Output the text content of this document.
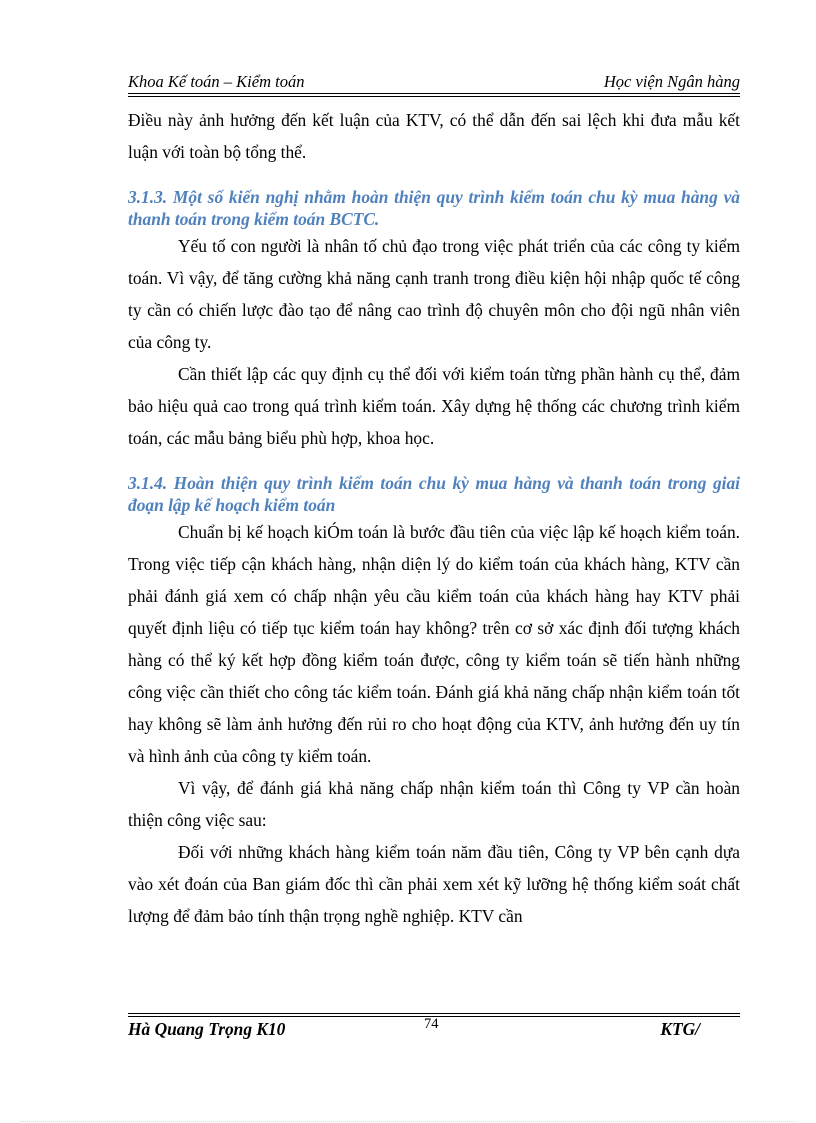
Khoa Kế toán – Kiểm toán	Học viện Ngân hàng

Điều này ảnh hưởng đến kết luận của KTV, có thể dẫn đến sai lệch khi đưa mẫu kết luận với toàn bộ tổng thể.

3.1.3. Một số kiến nghị nhằm hoàn thiện quy trình kiểm toán chu kỳ mua hàng và thanh toán trong kiểm toán BCTC.

Yếu tố con người là nhân tố chủ đạo trong việc phát triển của các công ty kiểm toán. Vì vậy, để tăng cường khả năng cạnh tranh trong điều kiện hội nhập quốc tế công ty cần có chiến lược đào tạo để nâng cao trình độ chuyên môn cho đội ngũ nhân viên của công ty.

Cần thiết lập các quy định cụ thể đối với kiểm toán từng phần hành cụ thể, đảm bảo hiệu quả cao trong quá trình kiểm toán. Xây dựng hệ thống các chương trình kiểm toán, các mẫu bảng biểu phù hợp, khoa học.

3.1.4. Hoàn thiện quy trình kiểm toán chu kỳ mua hàng và thanh toán trong giai đoạn lập kế hoạch kiểm toán

Chuẩn bị kế hoạch kiÓm toán là bước đầu tiên của việc lập kế hoạch kiểm toán. Trong việc tiếp cận khách hàng, nhận diện lý do kiểm toán của khách hàng, KTV cần phải đánh giá xem có chấp nhận yêu cầu kiểm toán của khách hàng hay KTV phải quyết định liệu có tiếp tục kiểm toán hay không? trên cơ sở xác định đối tượng khách hàng có thể ký kết hợp đồng kiểm toán được, công ty kiểm toán sẽ tiến hành những công việc cần thiết cho công tác kiểm toán. Đánh giá khả năng chấp nhận kiểm toán tốt hay không sẽ làm ảnh hưởng đến rủi ro cho hoạt động của KTV, ảnh hưởng đến uy tín và hình ảnh của công ty kiểm toán.

Vì vậy, để đánh giá khả năng chấp nhận kiểm toán thì Công ty VP cần hoàn thiện công việc sau:

Đối với những khách hàng kiểm toán năm đầu tiên, Công ty VP bên cạnh dựa vào xét đoán của Ban giám đốc thì cần phải xem xét kỹ lưỡng hệ thống kiểm soát chất lượng để đảm bảo tính thận trọng nghề nghiệp. KTV cần

Hà Quang Trọng K10	74	KTG/
